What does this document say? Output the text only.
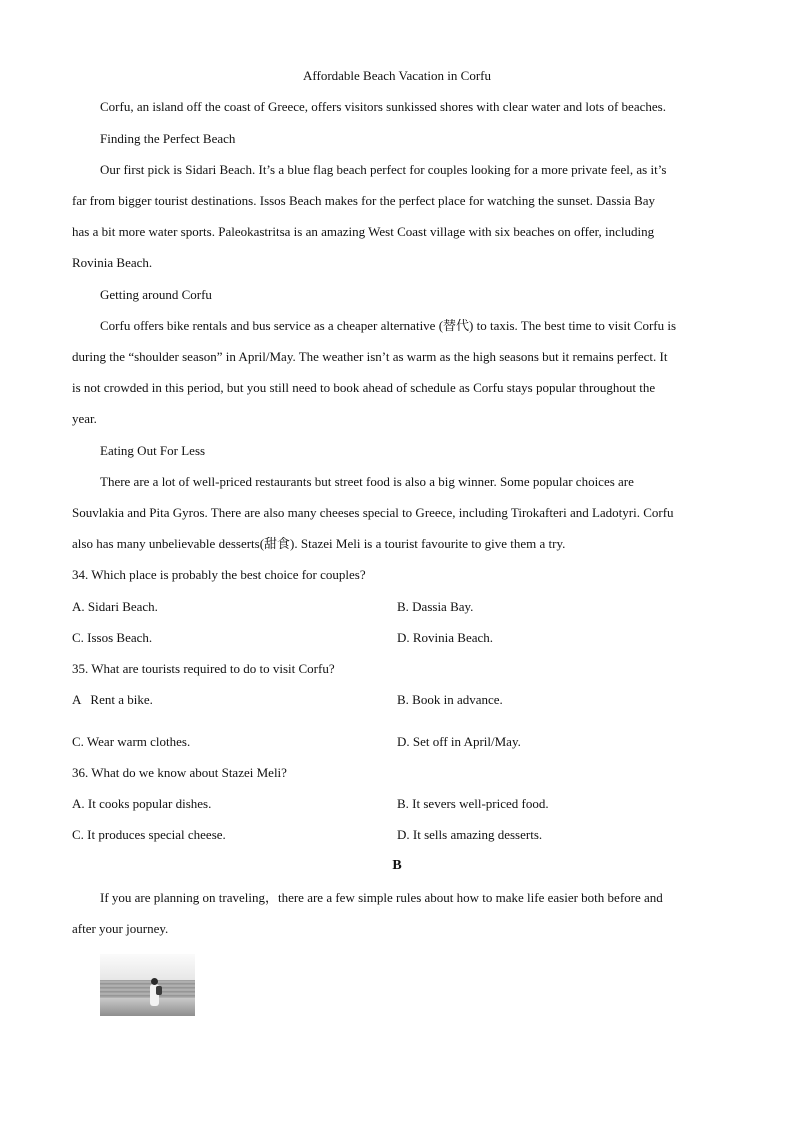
Affordable Beach Vacation in Corfu
Corfu, an island off the coast of Greece, offers visitors sunkissed shores with clear water and lots of beaches.
Finding the Perfect Beach
Our first pick is Sidari Beach. It’s a blue flag beach perfect for couples looking for a more private feel, as it’s
far from bigger tourist destinations. Issos Beach makes for the perfect place for watching the sunset. Dassia Bay
has a bit more water sports. Paleokastritsa is an amazing West Coast village with six beaches on offer, including
Rovinia Beach.
Getting around Corfu
Corfu offers bike rentals and bus service as a cheaper alternative (替代) to taxis. The best time to visit Corfu is
during the “shoulder season” in April/May. The weather isn’t as warm as the high seasons but it remains perfect. It
is not crowded in this period, but you still need to book ahead of schedule as Corfu stays popular throughout the
year.
Eating Out For Less
There are a lot of well-priced restaurants but street food is also a big winner. Some popular choices are
Souvlakia and Pita Gyros. There are also many cheeses special to Greece, including Tirokafteri and Ladotyri. Corfu
also has many unbelievable desserts(甜食). Stazei Meli is a tourist favourite to give them a try.
34. Which place is probably the best choice for couples?
A. Sidari Beach.	B. Dassia Bay.
C. Issos Beach.	D. Rovinia Beach.
35. What are tourists required to do to visit Corfu?
A   Rent a bike.	B. Book in advance.
C. Wear warm clothes.	D. Set off in April/May.
36. What do we know about Stazei Meli?
A. It cooks popular dishes.	B. It severs well-priced food.
C. It produces special cheese.	D. It sells amazing desserts.
B
If you are planning on traveling，there are a few simple rules about how to make life easier both before and
after your journey.
